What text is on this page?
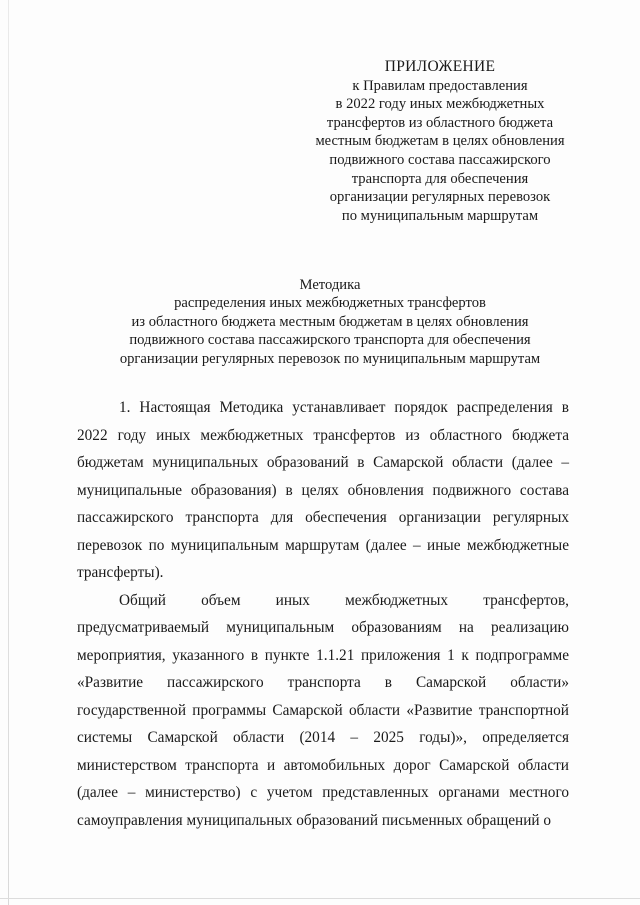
ПРИЛОЖЕНИЕ
к Правилам предоставления
в 2022 году иных межбюджетных
трансфертов из областного бюджета
местным бюджетам в целях обновления
подвижного состава пассажирского
транспорта для обеспечения
организации регулярных перевозок
по муниципальным маршрутам
Методика
распределения иных межбюджетных трансфертов
из областного бюджета местным бюджетам в целях обновления
подвижного состава пассажирского транспорта для обеспечения
организации регулярных перевозок по муниципальным маршрутам

1. Настоящая Методика устанавливает порядок распределения в 2022 году иных межбюджетных трансфертов из областного бюджета бюджетам муниципальных образований в Самарской области (далее – муниципальные образования) в целях обновления подвижного состава пассажирского транспорта для обеспечения организации регулярных перевозок по муниципальным маршрутам (далее – иные межбюджетные трансферты).

Общий объем иных межбюджетных трансфертов, предусматриваемый муниципальным образованиям на реализацию мероприятия, указанного в пункте 1.1.21 приложения 1 к подпрограмме «Развитие пассажирского транспорта в Самарской области» государственной программы Самарской области «Развитие транспортной системы Самарской области (2014 – 2025 годы)», определяется министерством транспорта и автомобильных дорог Самарской области (далее – министерство) с учетом представленных органами местного самоуправления муниципальных образований письменных обращений о
